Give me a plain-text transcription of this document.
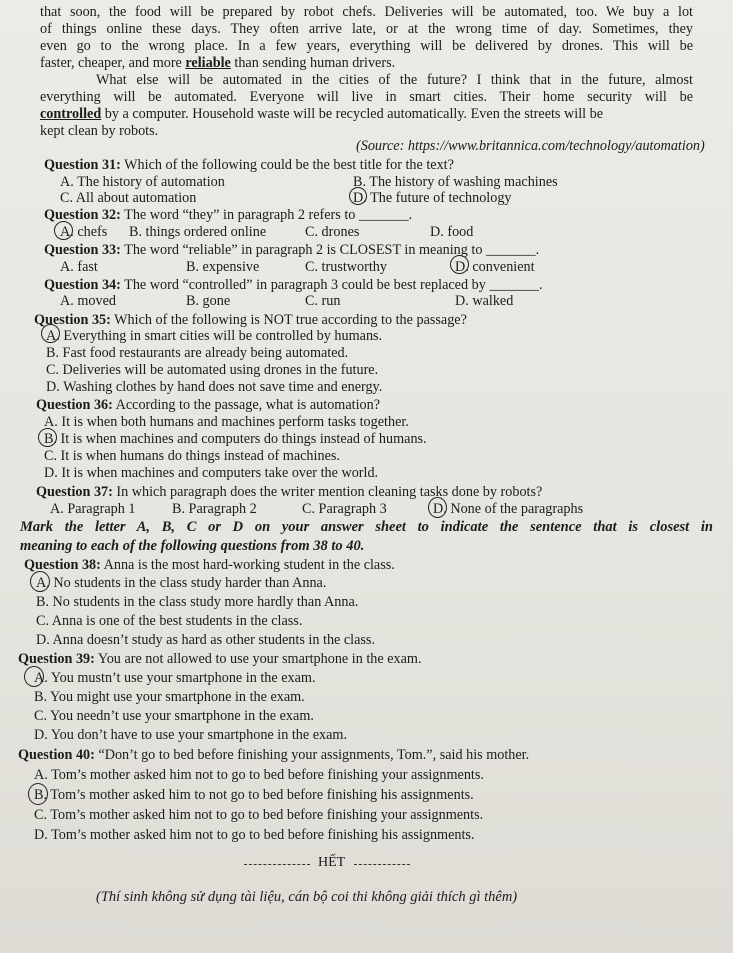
that soon, the food will be prepared by robot chefs. Deliveries will be automated, too. We buy a lot
of things online these days. They often arrive late, or at the wrong time of day. Sometimes, they
even go to the wrong place. In a few years, everything will be delivered by drones. This will be
faster, cheaper, and more reliable than sending human drivers.
What else will be automated in the cities of the future? I think that in the future, almost
everything will be automated. Everyone will live in smart cities. Their home security will be
controlled by a computer. Household waste will be recycled automatically. Even the streets will be
kept clean by robots.
(Source: https://www.britannica.com/technology/automation)
Question 31: Which of the following could be the best title for the text?
A. The history of automation	B. The history of washing machines
C. All about automation	D. The future of technology
Question 32: The word “they” in paragraph 2 refers to _______.
A. chefs B. things ordered online	C. drones	D. food
Question 33: The word “reliable” in paragraph 2 is CLOSEST in meaning to _______.
A. fast	B. expensive	C. trustworthy	D. convenient
Question 34: The word “controlled” in paragraph 3 could be best replaced by _______.
A. moved	B. gone	C. run	D. walked
Question 35: Which of the following is NOT true according to the passage?
A. Everything in smart cities will be controlled by humans.
B. Fast food restaurants are already being automated.
C. Deliveries will be automated using drones in the future.
D. Washing clothes by hand does not save time and energy.
Question 36: According to the passage, what is automation?
A. It is when both humans and machines perform tasks together.
B. It is when machines and computers do things instead of humans.
C. It is when humans do things instead of machines.
D. It is when machines and computers take over the world.
Question 37: In which paragraph does the writer mention cleaning tasks done by robots?
A. Paragraph 1	B. Paragraph 2	C. Paragraph 3	D. None of the paragraphs
Mark the letter A, B, C or D on your answer sheet to indicate the sentence that is closest in
meaning to each of the following questions from 38 to 40.
Question 38: Anna is the most hard-working student in the class.
A. No students in the class study harder than Anna.
B. No students in the class study more hardly than Anna.
C. Anna is one of the best students in the class.
D. Anna doesn’t study as hard as other students in the class.
Question 39: You are not allowed to use your smartphone in the exam.
A. You mustn’t use your smartphone in the exam.
B. You might use your smartphone in the exam.
C. You needn’t use your smartphone in the exam.
D. You don’t have to use your smartphone in the exam.
Question 40: “Don’t go to bed before finishing your assignments, Tom.”, said his mother.
A. Tom’s mother asked him not to go to bed before finishing your assignments.
B. Tom’s mother asked him to not go to bed before finishing his assignments.
C. Tom’s mother asked him not to go to bed before finishing your assignments.
D. Tom’s mother asked him not to go to bed before finishing his assignments.
HẾT
(Thí sinh không sử dụng tài liệu, cán bộ coi thi không giải thích gì thêm)
